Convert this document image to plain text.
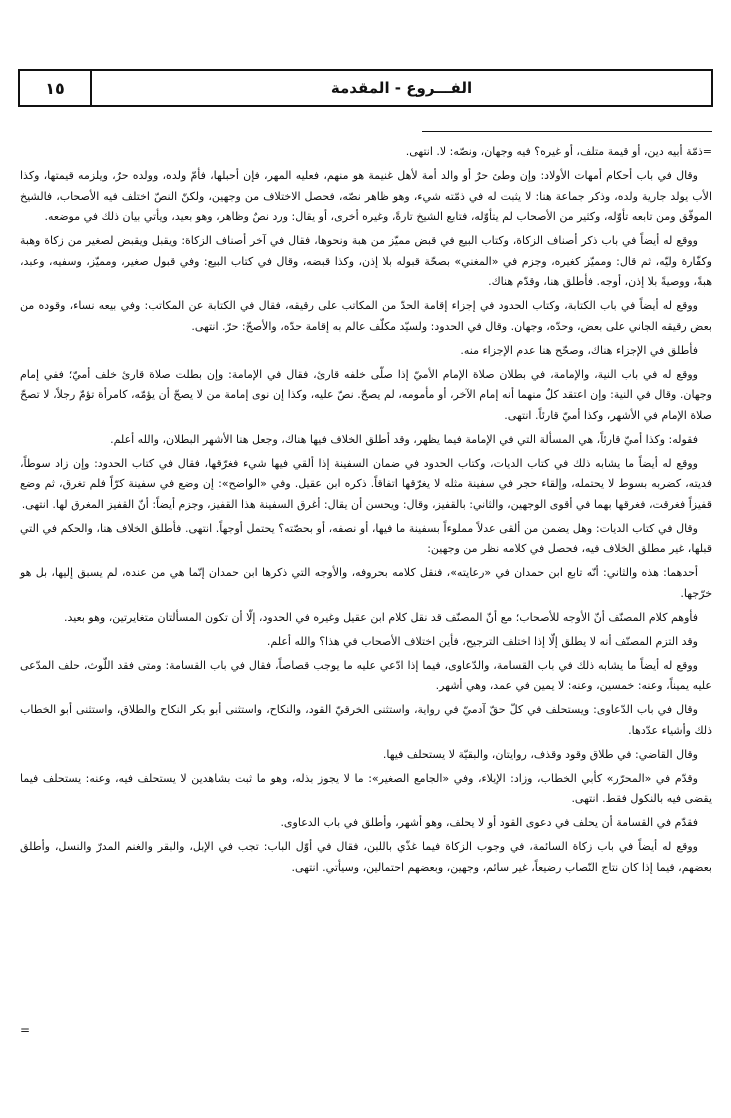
١٥	الفـــروع - المقدمة

=ذمّة أبيه دين، أو قيمة متلف، أو غيره؟ فيه وجهان، ونصّه: لا. انتهى.

وقال في باب أحكام أمهات الأولاد: وإن وطئ حرٌ أو والد أمة لأهل غنيمة هو منهم، فعليه المهر، فإن أحبلها، فأمّ ولده، وولده حرٌ، ويلزمه قيمتها، وكذا الأب يولد جارية ولده، وذكر جماعة هنا: لا يثبت له في ذمّته شيء، وهو ظاهر نصّه، فحصل الاختلاف من وجهين، ولكنّ النصّ اختلف فيه الأصحاب، فالشيخ الموفّق ومن تابعه تأوّله، وكثير من الأصحاب لم يتأوّله، فتابع الشيخ تارةً، وغيره أخرى، أو يقال: ورد نصٌ وظاهر، وهو بعيد، ويأتي بيان ذلك في موضعه.

ووقع له أيضاً في باب ذكر أصناف الزكاة، وكتاب البيع في قبض مميّز من هبة ونحوها، فقال في آخر أصناف الزكاة: ويقبل ويقبض لصغير من زكاة وهبة وكفّارة وليّه، ثم قال: ومميّز كغيره، وجزم في «المغني» بصحّة قبوله بلا إذن، وكذا قبضه، وقال في كتاب البيع: وفي قبول صغير، ومميّز، وسفيه، وعبد، هبةً، ووصيةً بلا إذن، أوجه. فأطلق هنا، وقدّم هناك.

ووقع له أيضاً في باب الكتابة، وكتاب الحدود في إجزاء إقامة الحدّ من المكاتب على رقيقه، فقال في الكتابة عن المكاتب: وفي بيعه نساء، وقوده من بعض رقيقه الجاني على بعض، وحدّه، وجهان. وقال في الحدود: ولسيّد مكلّف عالم به إقامة حدّه، والأصحّ: حرّ. انتهى.

فأطلق في الإجزاء هناك، وصحّح هنا عدم الإجزاء منه.

ووقع له في باب النية، والإمامة، في بطلان صلاة الإمام الأميّ إذا صلّى خلفه قارئ، فقال في الإمامة: وإن بطلت صلاة قارئ خلف أميّ؛ ففي إمام وجهان. وقال في النية: وإن اعتقد كلٌ منهما أنه إمام الآخر، أو مأمومه، لم يصحّ. نصّ عليه، وكذا إن نوى إمامة من لا يصحّ أن يؤمّه، كامرأة تؤمّ رجلاً، لا تصحّ صلاة الإمام في الأشهر، وكذا أميّ قارئاً. انتهى.

فقوله: وكذا أميّ قارئاً، هي المسألة التي في الإمامة فيما يظهر، وقد أطلق الخلاف فيها هناك، وجعل هنا الأشهر البطلان، والله أعلم.

ووقع له أيضاً ما يشابه ذلك في كتاب الديات، وكتاب الحدود في ضمان السفينة إذا ألقي فيها شيء فغرّقها، فقال في كتاب الحدود: وإن زاد سوطاً، فديته، كضربه بسوط لا يحتمله، وإلقاء حجر في سفينة مثله لا يغرّقها اتفاقاً. ذكره ابن عقيل. وفي «الواضح»: إن وضع في سفينة كرّاً فلم تغرق، ثم وضع قفيزاً فغرقت، فغرقها بهما في أقوى الوجهين، والثاني: بالقفيز، وقال: ويحسن أن يقال: أغرق السفينة هذا القفيز، وجزم أيضاً: أنّ القفيز المغرق لها. انتهى.

وقال في كتاب الديات: وهل يضمن من ألقى عدلاً مملوءاً بسفينة ما فيها، أو نصفه، أو بحصّته؟ يحتمل أوجهاً. انتهى. فأطلق الخلاف هنا، والحكم في التي قبلها، غير مطلق الخلاف فيه، فحصل في كلامه نظر من وجهين:

أحدهما: هذه والثاني: أنّه تابع ابن حمدان في «رعايته»، فنقل كلامه بحروفه، والأوجه التي ذكرها ابن حمدان إنّما هي من عنده، لم يسبق إليها، بل هو خرّجها.

فأوهم كلام المصنّف أنّ الأوجه للأصحاب؛ مع أنّ المصنّف قد نقل كلام ابن عقيل وغيره في الحدود، إلّا أن تكون المسألتان متغايرتين، وهو بعيد.

وقد التزم المصنّف أنه لا يطلق إلّا إذا اختلف الترجيح، فأين اختلاف الأصحاب في هذا؟ والله أعلم.

ووقع له أيضاً ما يشابه ذلك في باب القسامة، والدّعاوى، فيما إذا ادّعي عليه ما يوجب قصاصاً، فقال في باب القسامة: ومتى فقد اللّوث، حلف المدّعى عليه يميناً، وعنه: خمسين، وعنه: لا يمين في عمد، وهي أشهر.

وقال في باب الدّعاوى: ويستحلف في كلّ حقّ آدميّ في رواية، واستثنى الخرقيّ القود، والنكاح، واستثنى أبو بكر النكاح والطلاق، واستثنى أبو الخطاب ذلك وأشياء عدّدها.

وقال القاضي: في طلاق وقود وقذف، روايتان، والبقيّة لا يستحلف فيها.

وقدّم في «المحرّر» كأبي الخطاب، وزاد: الإيلاء، وفي «الجامع الصغير»: ما لا يجوز بذله، وهو ما ثبت بشاهدين لا يستحلف فيه، وعنه: يستحلف فيما يقضى فيه بالنكول فقط. انتهى.

فقدّم في القسامة أن يحلف في دعوى القود أو لا يحلف، وهو أشهر، وأطلق في باب الدعاوى.

ووقع له أيضاً في باب زكاة السائمة، في وجوب الزكاة فيما غذّي باللبن، فقال في أوّل الباب: تجب في الإبل، والبقر والغنم المدرّ والنسل، وأطلق بعضهم، فيما إذا كان نتاج النّصاب رضيعاً، غير سائم، وجهين، وبعضهم احتمالين، وسيأتي. انتهى.

=
